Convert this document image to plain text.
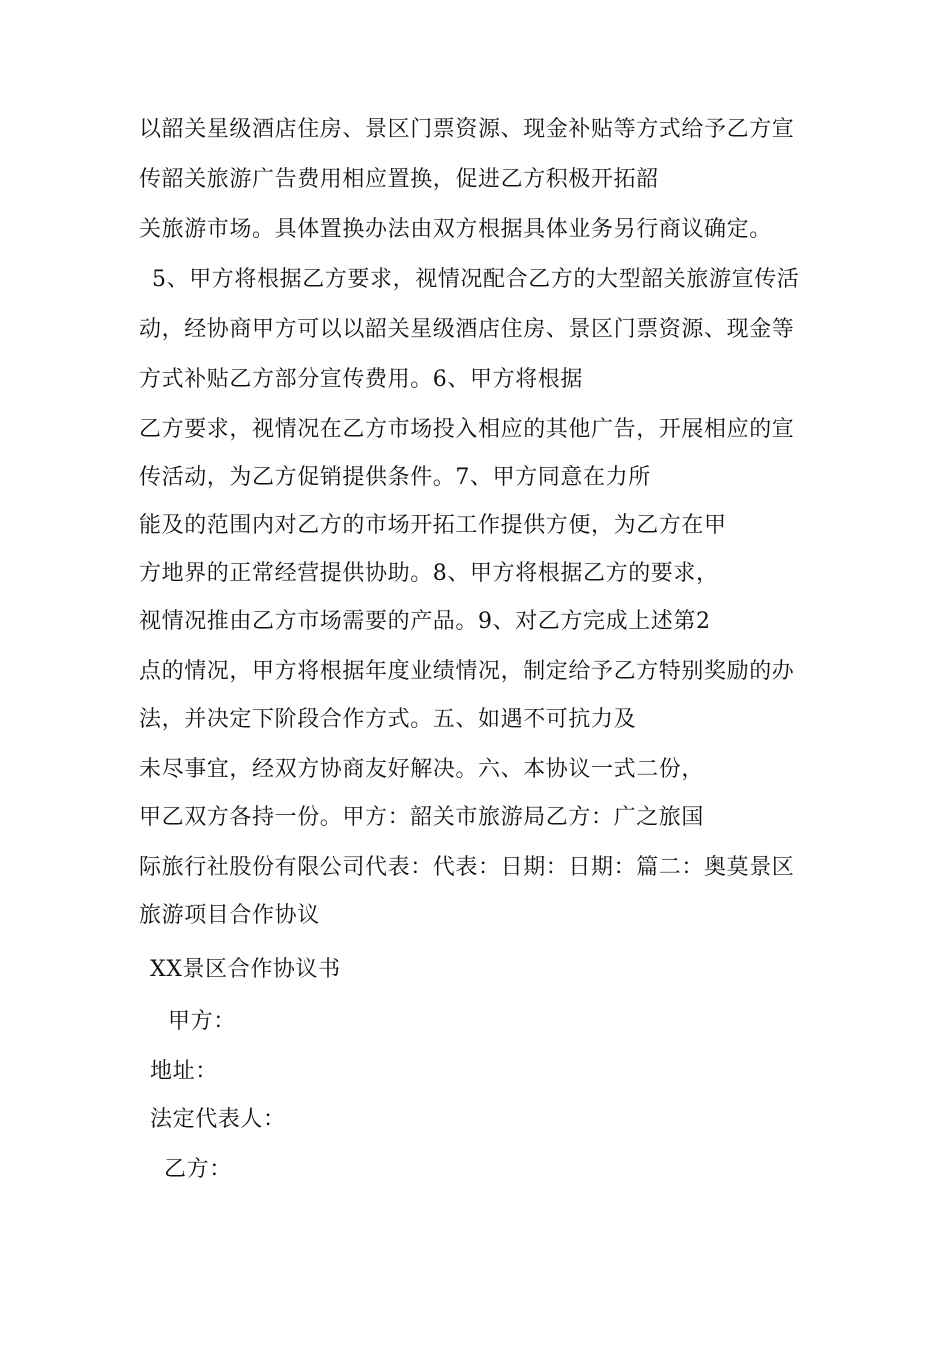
以韶关星级酒店住房、景区门票资源、现金补贴等方式给予乙方宣
传韶关旅游广告费用相应置换，促进乙方积极开拓韶
关旅游市场。具体置换办法由双方根据具体业务另行商议确定。
5、甲方将根据乙方要求，视情况配合乙方的大型韶关旅游宣传活
动，经协商甲方可以以韶关星级酒店住房、景区门票资源、现金等
方式补贴乙方部分宣传费用。6、甲方将根据
乙方要求，视情况在乙方市场投入相应的其他广告，开展相应的宣
传活动，为乙方促销提供条件。7、甲方同意在力所
能及的范围内对乙方的市场开拓工作提供方便，为乙方在甲
方地界的正常经营提供协助。8、甲方将根据乙方的要求，
视情况推由乙方市场需要的产品。9、对乙方完成上述第2
点的情况，甲方将根据年度业绩情况，制定给予乙方特别奖励的办
法，并决定下阶段合作方式。五、如遇不可抗力及
未尽事宜，经双方协商友好解决。六、本协议一式二份，
甲乙双方各持一份。甲方：韶关市旅游局乙方：广之旅国
际旅行社股份有限公司代表：代表：日期：日期：篇二：奥莫景区
旅游项目合作协议
XX景区合作协议书
甲方：
地址：
法定代表人：
乙方：
